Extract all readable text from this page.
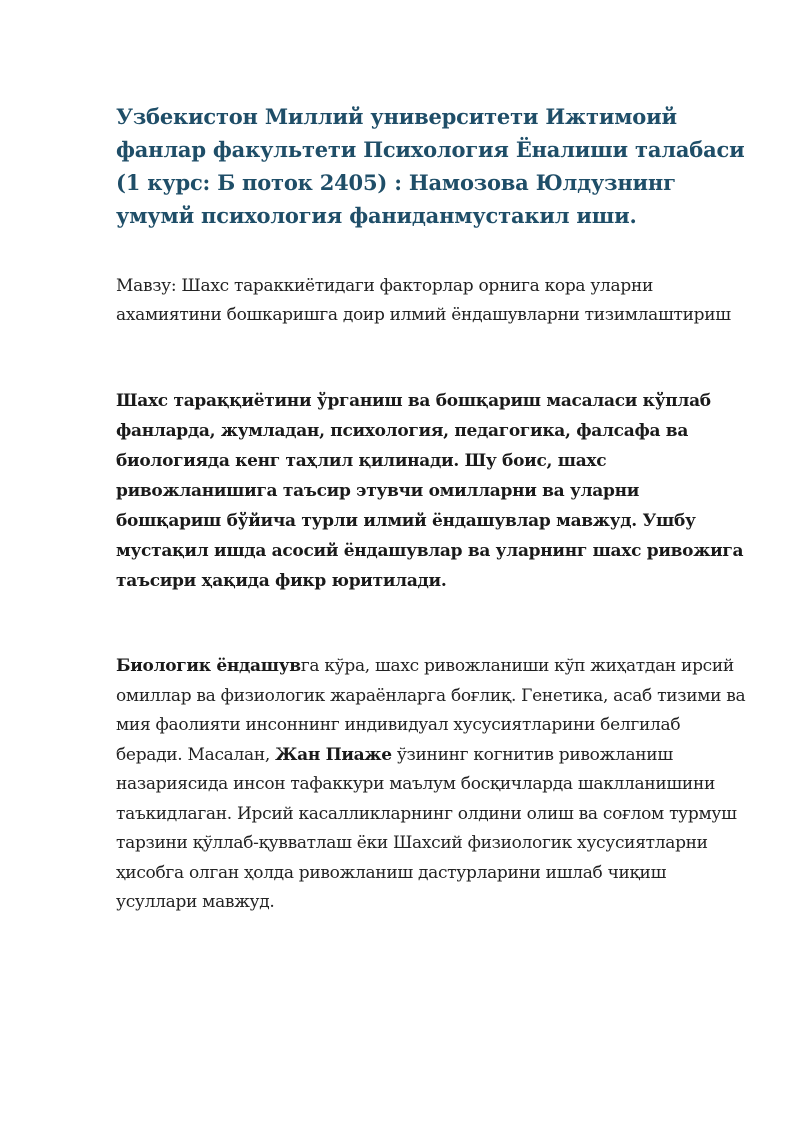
Узбекистон Миллий университети Ижтимоий фанлар факультети Психология Ёналиши талабаси (1 курс: Б поток 2405) : Намозова Юлдузнинг умумй психология фаниданмустакил иши.

Мавзу: Шахс тараккиётидаги факторлар орнига кора уларни ахамиятини бошкаришга доир илмий ёндашувларни тизимлаштириш

Шахс тараққиётини ўрганиш ва бошқариш масаласи кўплаб фанларда, жумладан, психология, педагогика, фалсафа ва биологияда кенг таҳлил қилинади. Шу боис, шахс ривожланишига таъсир этувчи омилларни ва уларни бошқариш бўйича турли илмий ёндашувлар мавжуд. Ушбу мустақил ишда асосий ёндашувлар ва уларнинг шахс ривожига таъсири ҳақида фикр юритилади.

Биологик ёндашувга кўра, шахс ривожланиши кўп жиҳатдан ирсий омиллар ва физиологик жараёнларга боғлиқ. Генетика, асаб тизими ва мия фаолияти инсоннинг индивидуал хусусиятларини белгилаб беради. Масалан, Жан Пиаже ўзининг когнитив ривожланиш назариясида инсон тафаккури маълум босқичларда шаклланишини таъкидлаган. Ирсий касалликларнинг олдини олиш ва соғлом турмуш тарзини қўллаб-қувватлаш ёки Шахсий физиологик хусусиятларни ҳисобга олган ҳолда ривожланиш дастурларини ишлаб чиқиш усуллари мавжуд.
